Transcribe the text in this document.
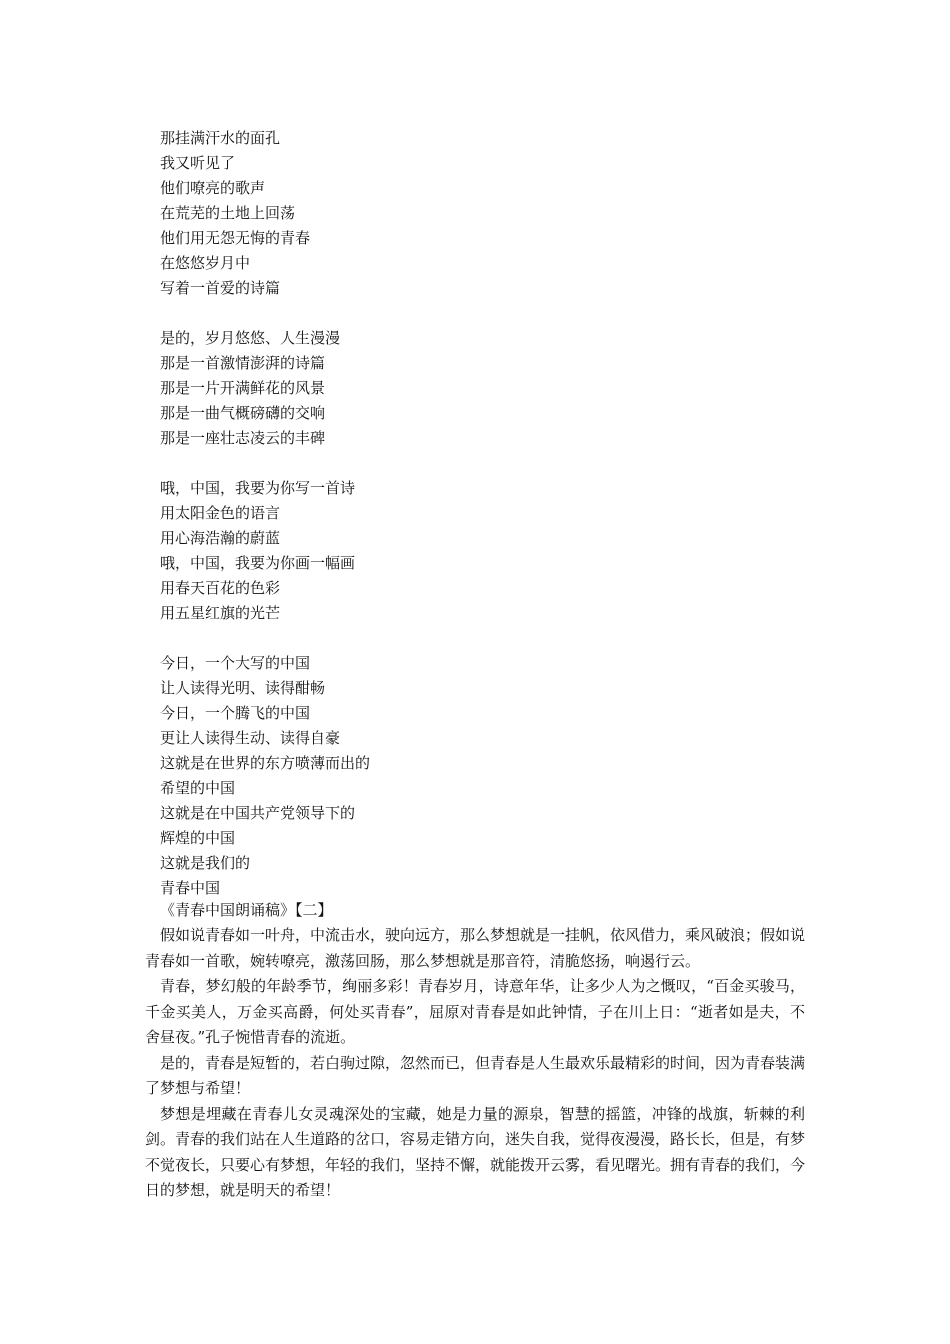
那挂满汗水的面孔
我又听见了
他们嘹亮的歌声
在荒芜的土地上回荡
他们用无怨无悔的青春
在悠悠岁月中
写着一首爱的诗篇
是的，岁月悠悠、人生漫漫
那是一首激情澎湃的诗篇
那是一片开满鲜花的风景
那是一曲气概磅礴的交响
那是一座壮志凌云的丰碑
哦，中国，我要为你写一首诗
用太阳金色的语言
用心海浩瀚的蔚蓝
哦，中国，我要为你画一幅画
用春天百花的色彩
用五星红旗的光芒
今日，一个大写的中国
让人读得光明、读得酣畅
今日，一个腾飞的中国
更让人读得生动、读得自豪
这就是在世界的东方喷薄而出的
希望的中国
这就是在中国共产党领导下的
辉煌的中国
这就是我们的
青春中国
《青春中国朗诵稿》【二】

假如说青春如一叶舟，中流击水，驶向远方，那么梦想就是一挂帆，依风借力，乘风破浪；假如说青春如一首歌，婉转嘹亮，激荡回肠，那么梦想就是那音符，清脆悠扬，响遏行云。

青春，梦幻般的年龄季节，绚丽多彩！青春岁月，诗意年华，让多少人为之慨叹，“百金买骏马，千金买美人，万金买高爵，何处买青春”，屈原对青春是如此钟情，子在川上日：“逝者如是夫，不舍昼夜。”孔子惋惜青春的流逝。

是的，青春是短暂的，若白驹过隙，忽然而已，但青春是人生最欢乐最精彩的时间，因为青春装满了梦想与希望！

梦想是埋藏在青春儿女灵魂深处的宝藏，她是力量的源泉，智慧的摇篮，冲锋的战旗，斩棘的利剑。青春的我们站在人生道路的岔口，容易走错方向，迷失自我，觉得夜漫漫，路长长，但是，有梦不觉夜长，只要心有梦想，年轻的我们，坚持不懈，就能拨开云雾，看见曙光。拥有青春的我们，今日的梦想，就是明天的希望！
